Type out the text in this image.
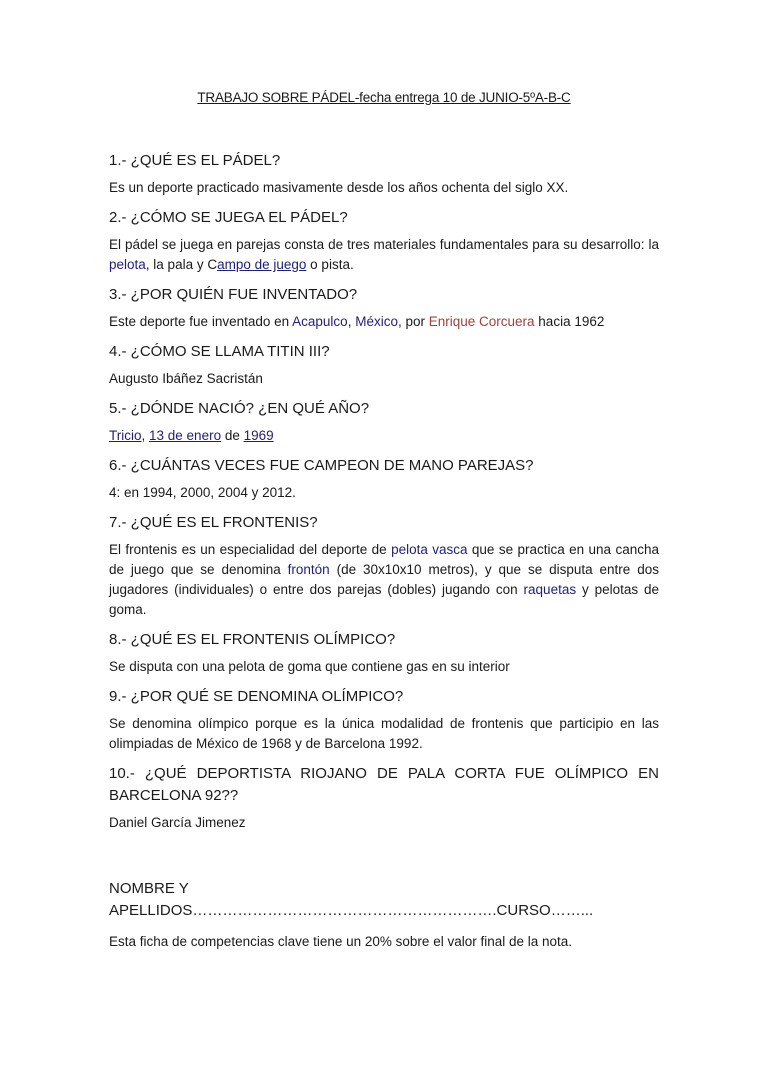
TRABAJO SOBRE PÁDEL-fecha entrega 10 de JUNIO-5ºA-B-C

1.- ¿QUÉ ES EL PÁDEL?

Es un deporte practicado masivamente desde los años ochenta del siglo XX.

2.- ¿CÓMO SE JUEGA EL PÁDEL?

El pádel se juega en parejas consta de tres materiales fundamentales para su desarrollo: la pelota, la pala y Campo de juego o pista.

3.- ¿POR QUIÉN FUE INVENTADO?

Este deporte fue inventado en Acapulco, México, por Enrique Corcuera hacia 1962

4.- ¿CÓMO SE LLAMA TITIN III?

Augusto Ibáñez Sacristán

5.- ¿DÓNDE NACIÓ? ¿EN QUÉ AÑO?

Tricio, 13 de enero de 1969

6.- ¿CUÁNTAS VECES FUE CAMPEON DE MANO PAREJAS?

4: en 1994, 2000, 2004 y 2012.

7.- ¿QUÉ ES EL FRONTENIS?

El frontenis es un especialidad del deporte de pelota vasca que se practica en una cancha de juego que se denomina frontón (de 30x10x10 metros), y que se disputa entre dos jugadores (individuales) o entre dos parejas (dobles) jugando con raquetas y pelotas de goma.

8.- ¿QUÉ ES EL FRONTENIS OLÍMPICO?

Se disputa con una pelota de goma que contiene gas en su interior

9.- ¿POR QUÉ SE DENOMINA OLÍMPICO?

Se denomina olímpico porque es la única modalidad de frontenis que participio en las olimpiadas de México de 1968 y de Barcelona 1992.

10.- ¿QUÉ DEPORTISTA RIOJANO DE PALA CORTA FUE OLÍMPICO EN BARCELONA 92??

Daniel García Jimenez

NOMBRE Y APELLIDOS…………………………………………………….CURSO……...

Esta ficha de competencias clave tiene un 20% sobre el valor final de la nota.
